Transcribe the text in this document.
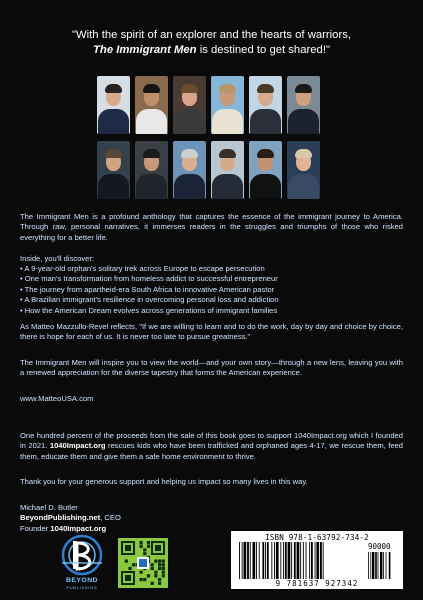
"With the spirit of an explorer and the hearts of warriors,
The Immigrant Men is destined to get shared!"
The Immigrant Men is a profound anthology that captures the essence of the immigrant journey to America. Through raw, personal narratives, it immerses readers in the struggles and triumphs of those who risked everything for a better life.
Inside, you'll discover:
• A 9-year-old orphan's solitary trek across Europe to escape persecution
• One man's transformation from homeless addict to successful entrepreneur
• The journey from apartheid-era South Africa to innovative American pastor
• A Brazilian immigrant's resilience in overcoming personal loss and addiction
• How the American Dream evolves across generations of immigrant families
As Matteo Mazzullo-Revel reflects, "If we are willing to learn and to do the work, day by day and choice by choice, there is hope for each of us. It is never too late to pursue greatness."
The Immigrant Men will inspire you to view the world—and your own story—through a new lens, leaving you with a renewed appreciation for the diverse tapestry that forms the American experience.
www.MatteoUSA.com
One hundred percent of the proceeds from the sale of this book goes to support 1040Impact.org which I founded in 2021. 1040Impact.org rescues kids who have been trafficked and orphaned ages 4-17, we rescue them, feed them, educate them and give them a safe home environment to thrive.
Thank you for your generous support and helping us impact so many lives in this way.
Michael D. Butler
BeyondPublishing.net, CEO
Founder 1040Impact.org
BEYOND
PUBLISHING
ISBN 978-1-63792-734-2
90000
9 781637 927342
